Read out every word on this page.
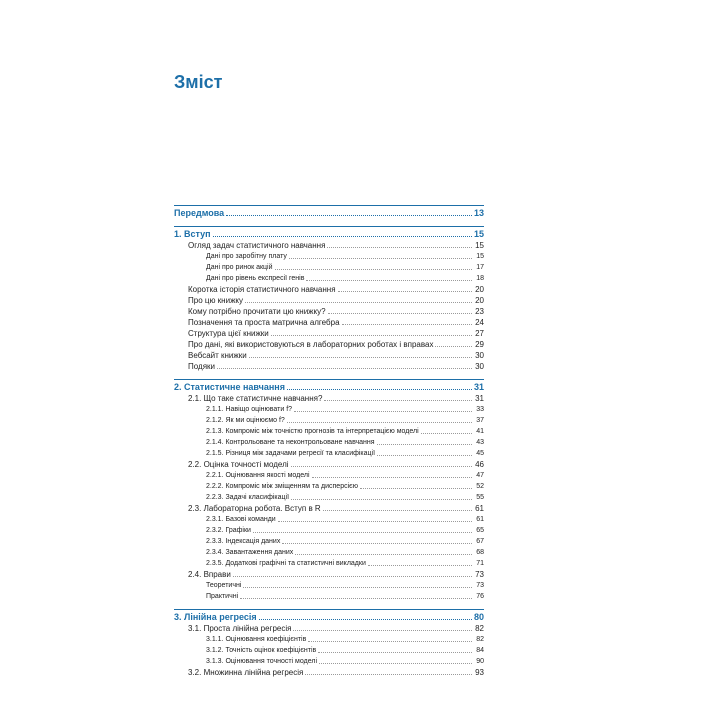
Зміст
Передмова	13
1. Вступ	15
Огляд задач статистичного навчання	15
Дані про заробітну плату	15
Дані про ринок акцій	17
Дані про рівень експресії генів	18
Коротка історія статистичного навчання	20
Про цю книжку	20
Кому потрібно прочитати цю книжку?	23
Позначення та проста матрична алгебра	24
Структура цієї книжки	27
Про дані, які використовуються в лабораторних роботах і вправах	29
Вебсайт книжки	30
Подяки	30
2. Статистичне навчання	31
2.1. Що таке статистичне навчання?	31
2.1.1. Навіщо оцінювати f?	33
2.1.2. Як ми оцінюємо f?	37
2.1.3. Компроміс між точністю прогнозів та інтерпретацією моделі	41
2.1.4. Контрольоване та неконтрольоване навчання	43
2.1.5. Різниця між задачами регресії та класифікації	45
2.2. Оцінка точності моделі	46
2.2.1. Оцінювання якості моделі	47
2.2.2. Компроміс між зміщенням та дисперсією	52
2.2.3. Задачі класифікації	55
2.3. Лабораторна робота. Вступ в R	61
2.3.1. Базові команди	61
2.3.2. Графіки	65
2.3.3. Індексація даних	67
2.3.4. Завантаження даних	68
2.3.5. Додаткові графічні та статистичні викладки	71
2.4. Вправи	73
Теоретичні	73
Практичні	76
3. Лінійна регресія	80
3.1. Проста лінійна регресія	82
3.1.1. Оцінювання коефіцієнтів	82
3.1.2. Точність оцінок коефіцієнтів	84
3.1.3. Оцінювання точності моделі	90
3.2. Множинна лінійна регресія	93
